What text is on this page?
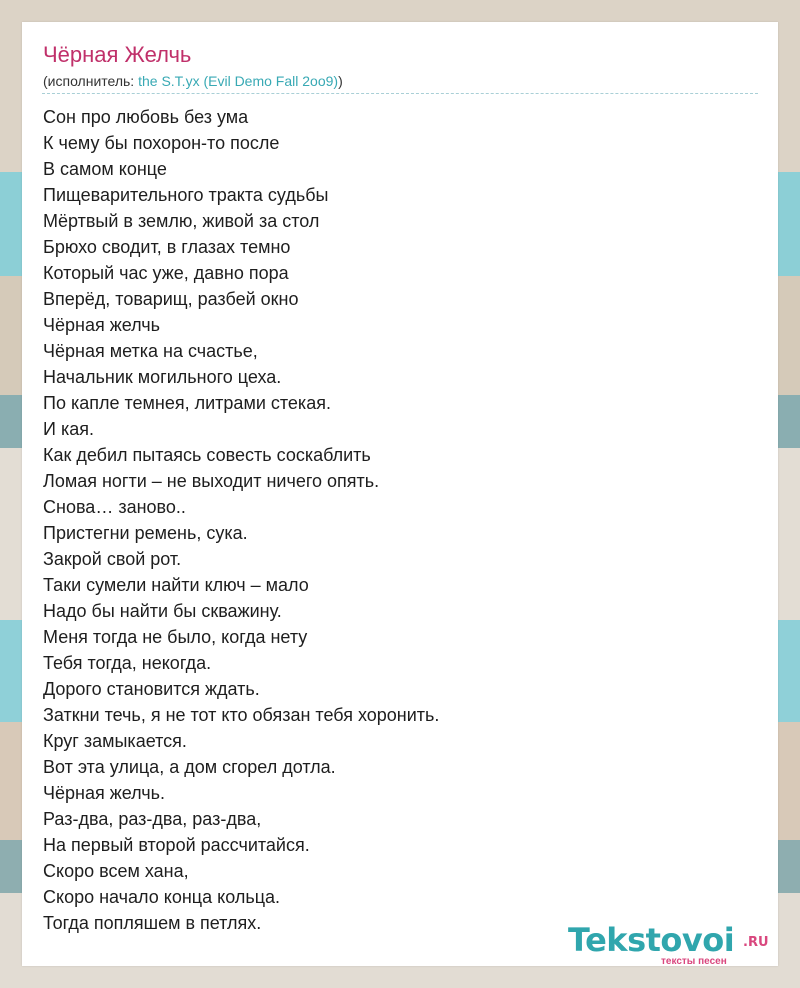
Чёрная Желчь
(исполнитель: the S.T.yx (Evil Demo Fall 2oo9))
Сон про любовь без ума
К чему бы похорон-то после
В самом конце
Пищеварительного тракта судьбы
Мёртвый в землю, живой за стол
Брюхо сводит, в глазах темно
Который час уже, давно пора
Вперёд, товарищ, разбей окно
Чёрная желчь
Чёрная метка на счастье,
Начальник могильного цеха.
По капле темнея, литрами стекая.
И кая.
Как дебил пытаясь совесть соскаблить
Ломая ногти – не выходит ничего опять.
Снова… заново..
Пристегни ремень, сука.
Закрой свой рот.
Таки сумели найти ключ – мало
Надо бы найти бы скважину.
Меня тогда не было, когда нету
Тебя тогда, некогда.
Дорого становится ждать.
Заткни течь, я не тот кто обязан тебя хоронить.
Круг замыкается.
Вот эта улица, а дом сгорел дотла.
Чёрная желчь.
Раз-два, раз-два, раз-два,
На первый второй рассчитайся.
Скоро всем хана,
Скоро начало конца кольца.
Тогда попляшем в петлях.	Tekstovoi .RU
тексты песен
